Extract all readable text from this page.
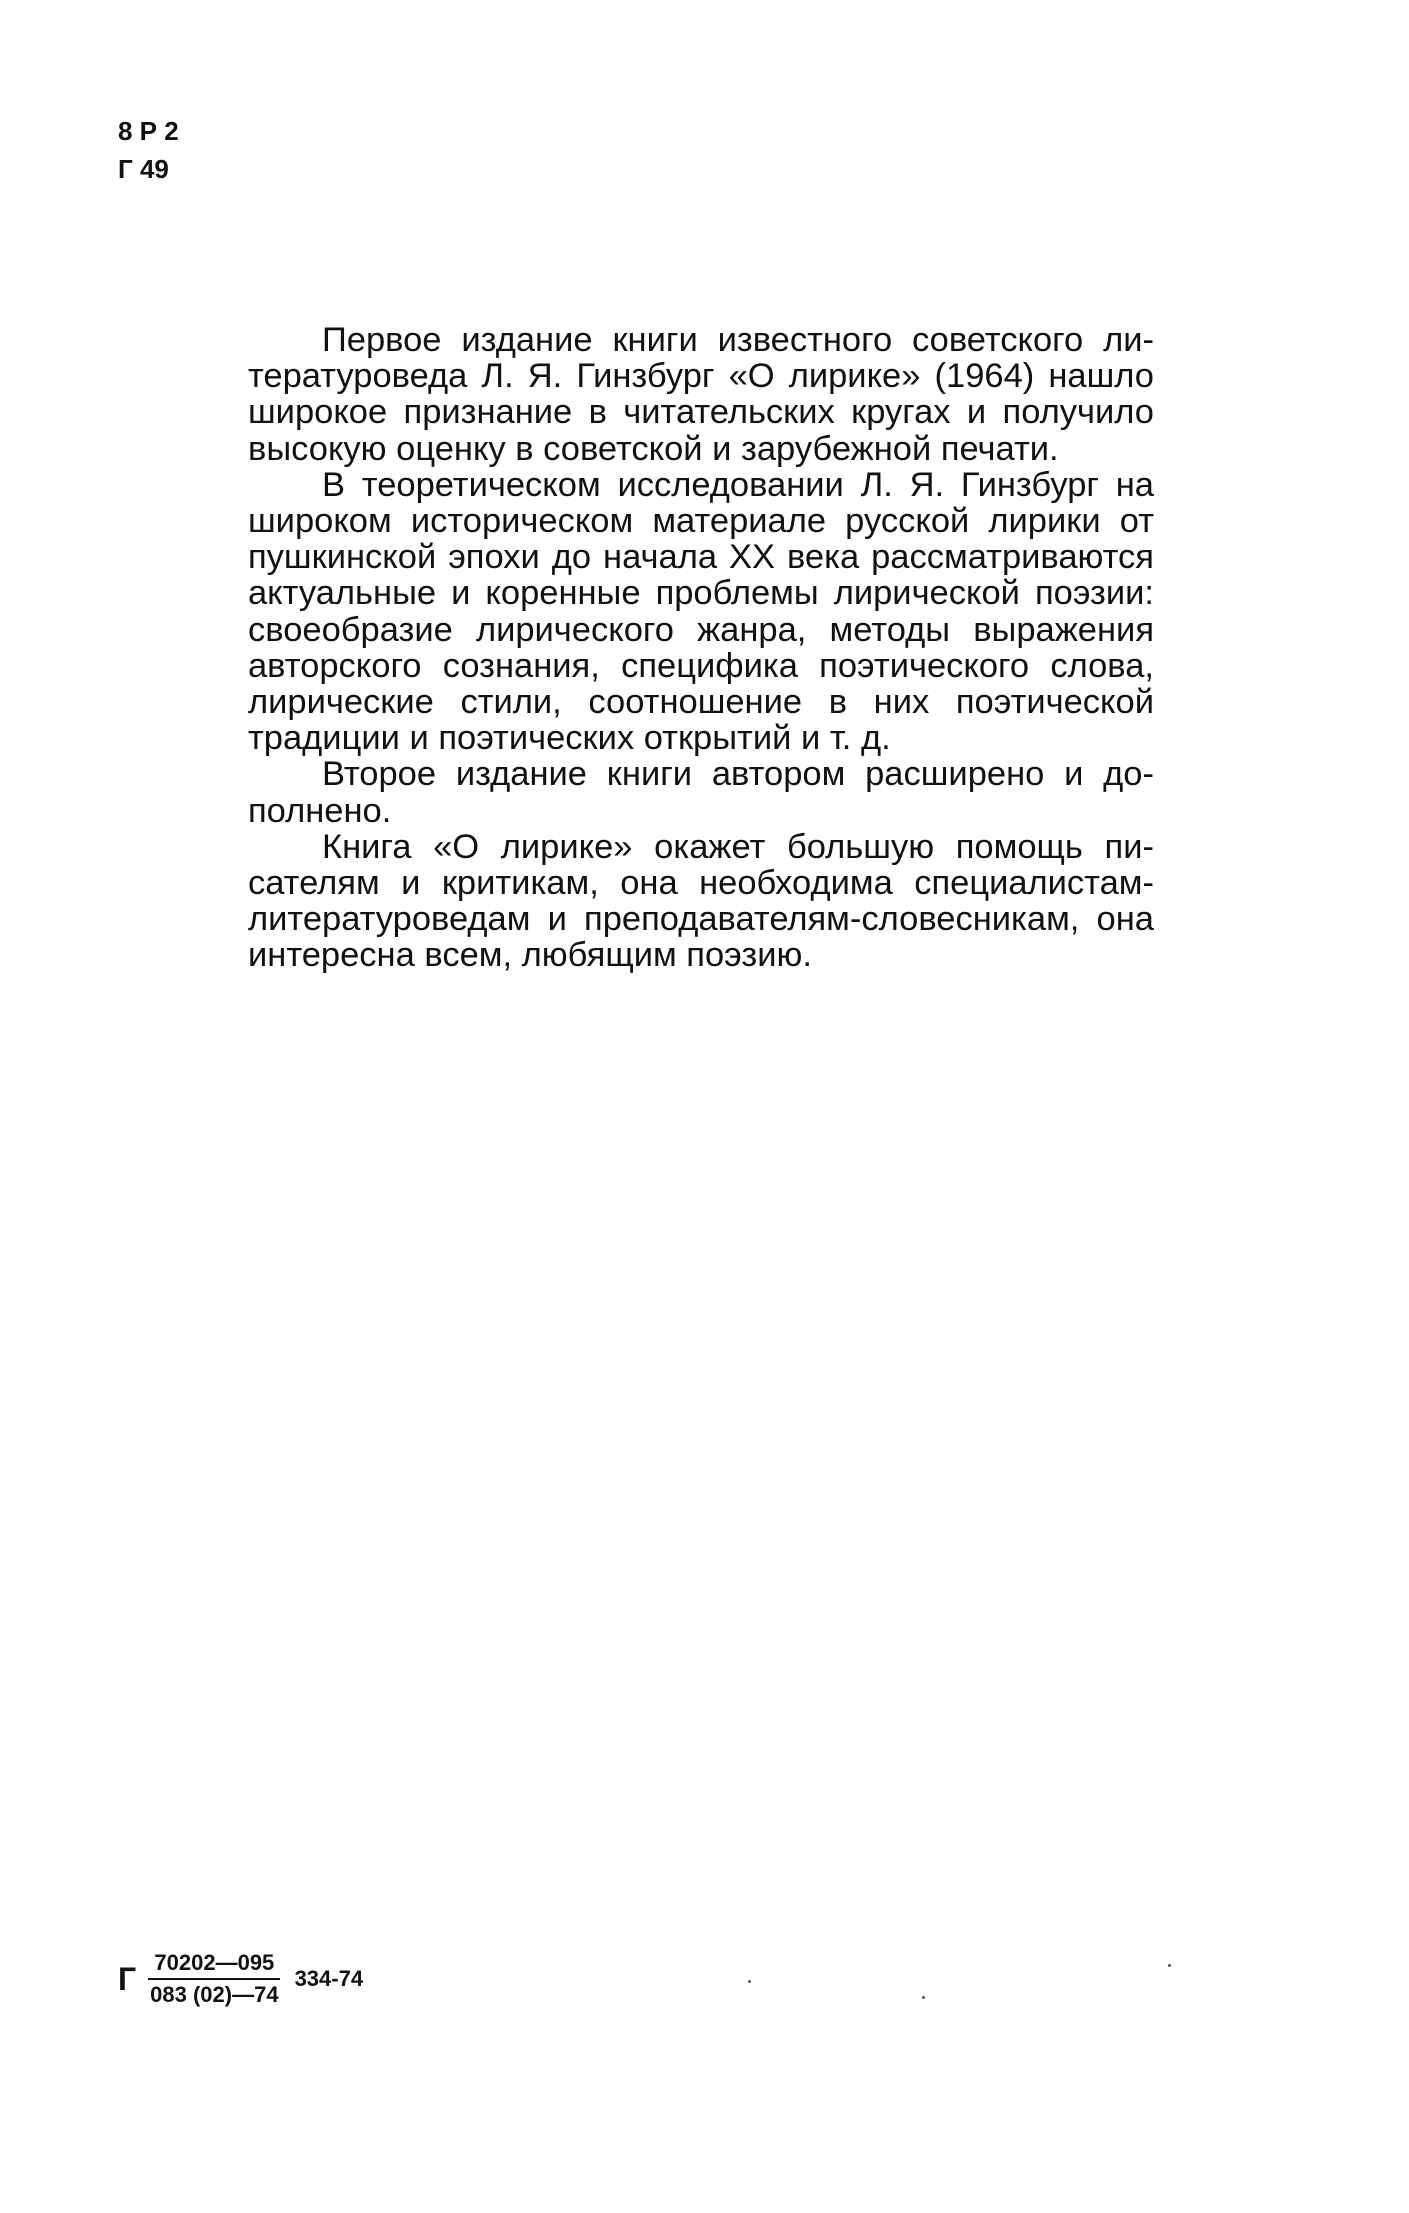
8 Р 2
Г 49

Первое издание книги известного советского литературоведа Л. Я. Гинзбург «О лирике» (1964) нашло широкое признание в читательских кругах и получило высокую оценку в советской и зарубежной печати.

В теоретическом исследовании Л. Я. Гинзбург на широком историческом материале русской лирики от пушкинской эпохи до начала XX века рассматриваются актуальные и коренные проблемы лирической поэзии: своеобразие лирического жанра, методы выражения авторского сознания, специфика поэтического слова, лирические стили, соотношение в них поэтической традиции и поэтических открытий и т. д.

Второе издание книги автором расширено и дополнено.

Книга «О лирике» окажет большую помощь писателям и критикам, она необходима специалистам-литературоведам и преподавателям-словесникам, она интересна всем, любящим поэзию.

Г $\frac{70202—095}{083 (02)—74} 334-74$
